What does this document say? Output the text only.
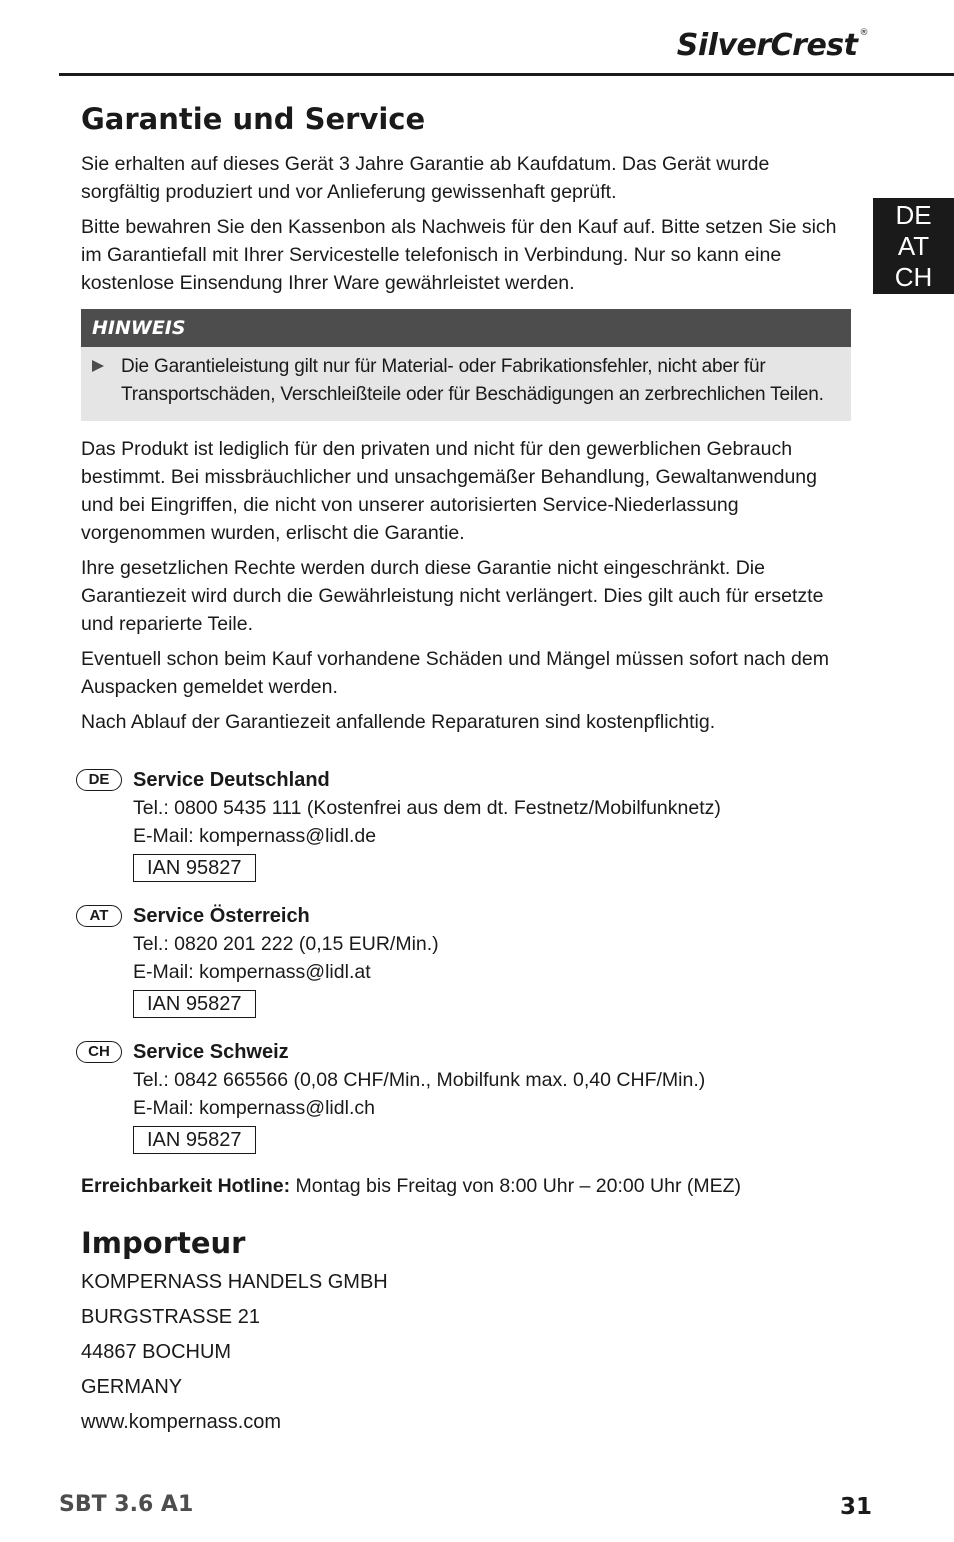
SilverCrest ®
DE
AT
CH
Garantie und Service

Sie erhalten auf dieses Gerät 3 Jahre Garantie ab Kaufdatum. Das Gerät wurde sorgfältig produziert und vor Anlieferung gewissenhaft geprüft.

Bitte bewahren Sie den Kassenbon als Nachweis für den Kauf auf. Bitte setzen Sie sich im Garantiefall mit Ihrer Servicestelle telefonisch in Verbindung. Nur so kann eine kostenlose Einsendung Ihrer Ware gewährleistet werden.

HINWEIS

Die Garantieleistung gilt nur für Material- oder Fabrikationsfehler, nicht aber für Transportschäden, Verschleißteile oder für Beschädigungen an zerbrechlichen Teilen.

Das Produkt ist lediglich für den privaten und nicht für den gewerblichen Gebrauch bestimmt. Bei missbräuchlicher und unsachgemäßer Behandlung, Gewaltanwendung und bei Eingriffen, die nicht von unserer autorisierten Service-Niederlassung vorgenommen wurden, erlischt die Garantie.

Ihre gesetzlichen Rechte werden durch diese Garantie nicht eingeschränkt. Die Garantiezeit wird durch die Gewährleistung nicht verlängert. Dies gilt auch für ersetzte und reparierte Teile.

Eventuell schon beim Kauf vorhandene Schäden und Mängel müssen sofort nach dem Auspacken gemeldet werden.

Nach Ablauf der Garantiezeit anfallende Reparaturen sind kostenpflichtig.

DE	Service Deutschland

Tel.: 0800 5435 111 (Kostenfrei aus dem dt. Festnetz/Mobilfunknetz)

E-Mail: kompernass@lidl.de

IAN 95827
AT	Service Österreich

Tel.: 0820 201 222 (0,15 EUR/Min.)

E-Mail: kompernass@lidl.at

IAN 95827
CH	Service Schweiz

Tel.: 0842 665566 (0,08 CHF/Min., Mobilfunk max. 0,40 CHF/Min.)

E-Mail: kompernass@lidl.ch

IAN 95827

Erreichbarkeit Hotline: Montag bis Freitag von 8:00 Uhr – 20:00 Uhr (MEZ)

Importeur
KOMPERNASS HANDELS GMBH
BURGSTRASSE 21
44867 BOCHUM
GERMANY
www.kompernass.com
SBT 3.6 A1	31
